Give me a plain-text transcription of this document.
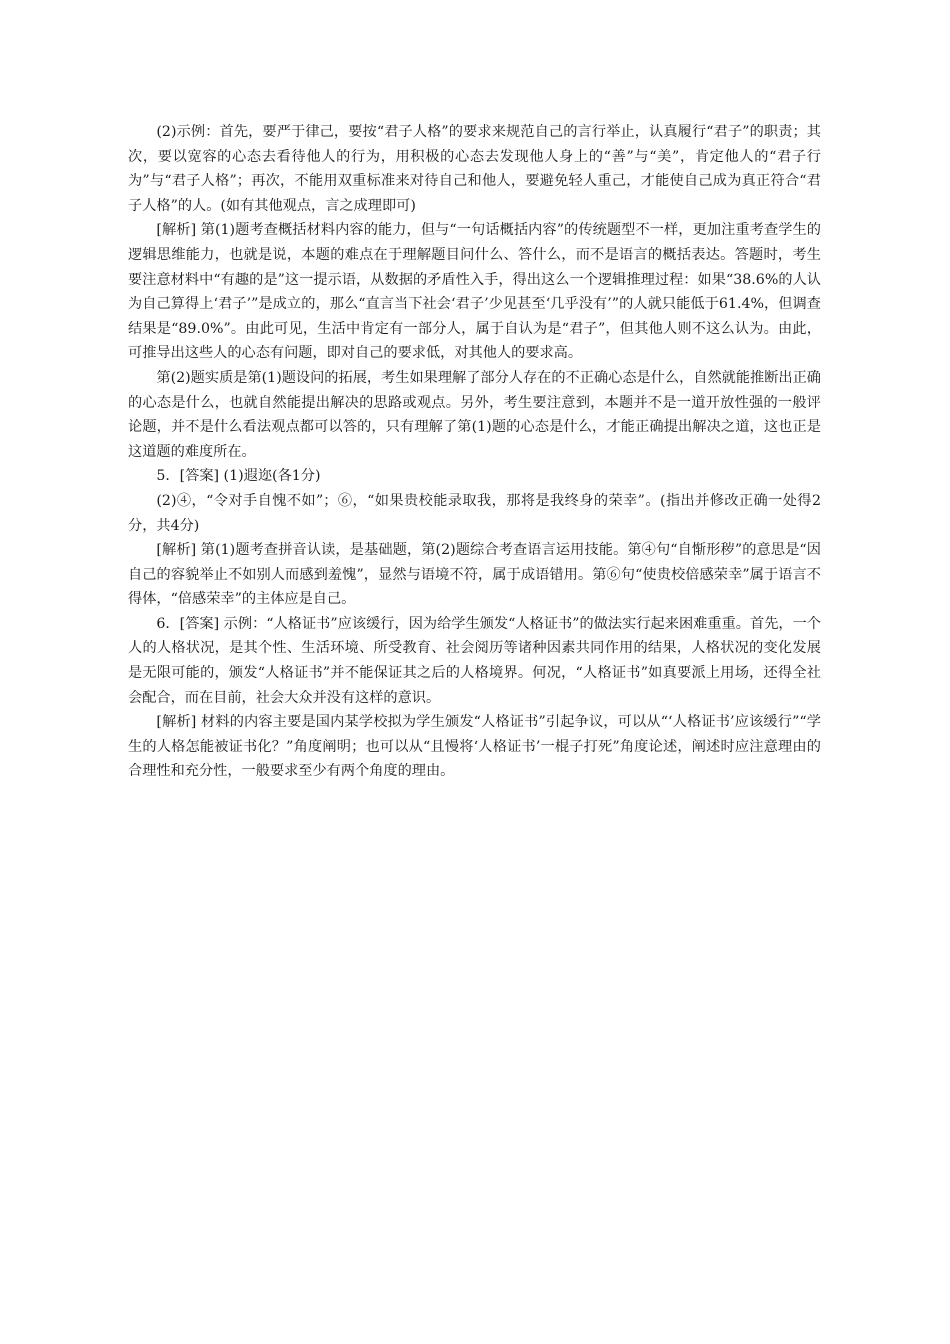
(2)示例：首先，要严于律己，要按“君子人格”的要求来规范自己的言行举止，认真履行“君子”的职责；其次，要以宽容的心态去看待他人的行为，用积极的心态去发现他人身上的“善”与“美”，肯定他人的“君子行为”与“君子人格”；再次，不能用双重标准来对待自己和他人，要避免轻人重己，才能使自己成为真正符合“君子人格”的人。(如有其他观点，言之成理即可)

[解析] 第(1)题考查概括材料内容的能力，但与“一句话概括内容”的传统题型不一样，更加注重考查学生的逻辑思维能力，也就是说，本题的难点在于理解题目问什么、答什么，而不是语言的概括表达。答题时，考生要注意材料中“有趣的是”这一提示语，从数据的矛盾性入手，得出这么一个逻辑推理过程：如果“38.6%的人认为自己算得上‘君子’”是成立的，那么“直言当下社会‘君子’少见甚至‘几乎没有’”的人就只能低于61.4%，但调查结果是“89.0%”。由此可见，生活中肯定有一部分人，属于自认为是“君子”，但其他人则不这么认为。由此，可推导出这些人的心态有问题，即对自己的要求低，对其他人的要求高。

第(2)题实质是第(1)题设问的拓展，考生如果理解了部分人存在的不正确心态是什么，自然就能推断出正确的心态是什么，也就自然能提出解决的思路或观点。另外，考生要注意到，本题并不是一道开放性强的一般评论题，并不是什么看法观点都可以答的，只有理解了第(1)题的心态是什么，才能正确提出解决之道，这也正是这道题的难度所在。

5．[答案] (1)遐迩(各1分)

(2)④，“令对手自愧不如”；⑥，“如果贵校能录取我，那将是我终身的荣幸”。(指出并修改正确一处得2分，共4分)

[解析] 第(1)题考查拼音认读，是基础题，第(2)题综合考查语言运用技能。第④句“自惭形秽”的意思是“因自己的容貌举止不如别人而感到羞愧”，显然与语境不符，属于成语错用。第⑥句“使贵校倍感荣幸”属于语言不得体，“倍感荣幸”的主体应是自己。

6．[答案] 示例：“人格证书”应该缓行，因为给学生颁发“人格证书”的做法实行起来困难重重。首先，一个人的人格状况，是其个性、生活环境、所受教育、社会阅历等诸种因素共同作用的结果，人格状况的变化发展是无限可能的，颁发“人格证书”并不能保证其之后的人格境界。何况，“人格证书”如真要派上用场，还得全社会配合，而在目前，社会大众并没有这样的意识。

[解析] 材料的内容主要是国内某学校拟为学生颁发“人格证书”引起争议，可以从“‘人格证书’应该缓行”“学生的人格怎能被证书化？”角度阐明；也可以从“且慢将‘人格证书’一棍子打死”角度论述，阐述时应注意理由的合理性和充分性，一般要求至少有两个角度的理由。
